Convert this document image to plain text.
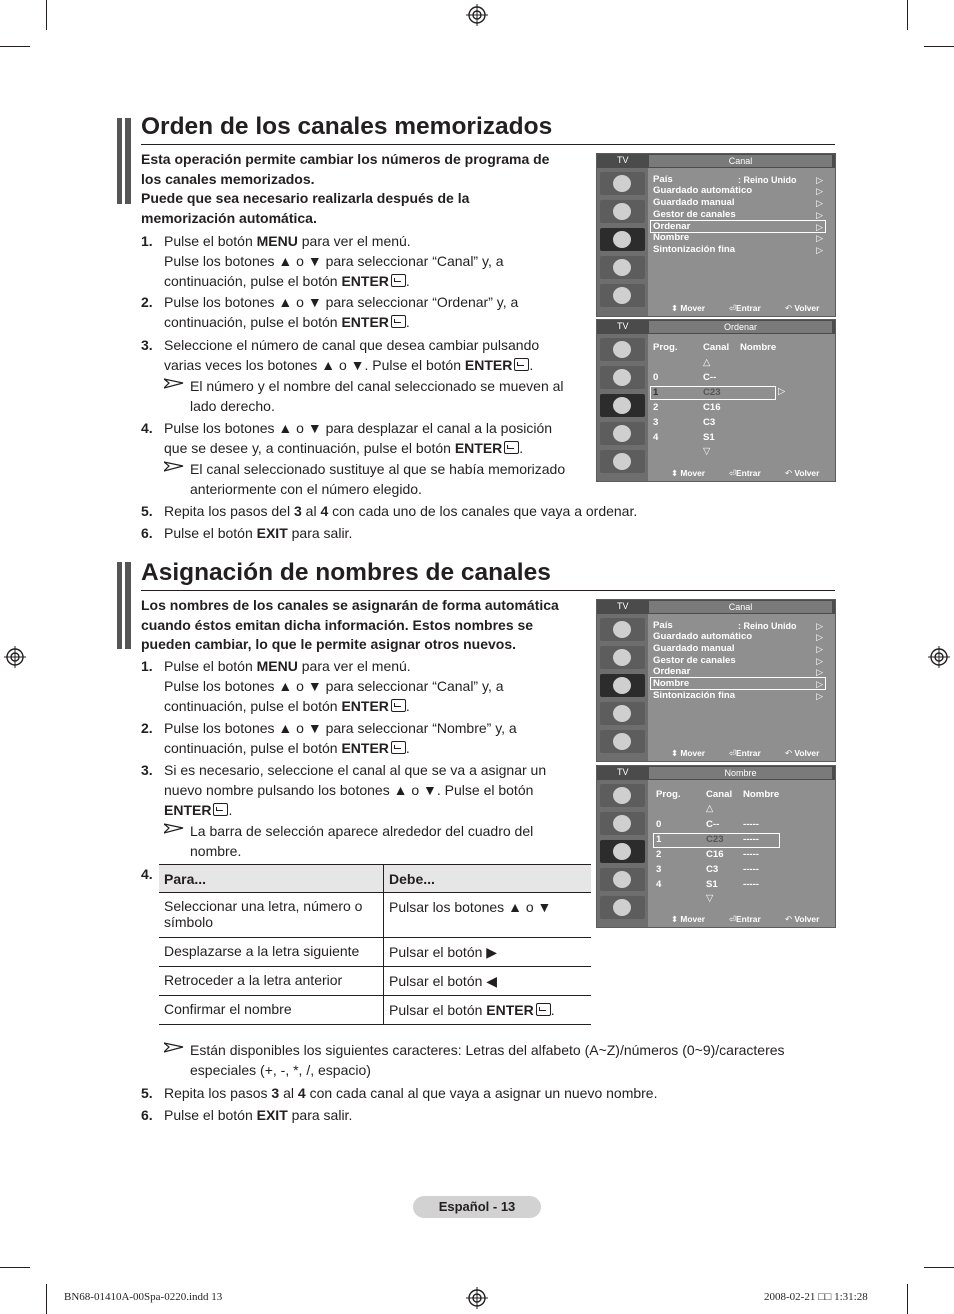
Orden de los canales memorizados
Esta operación permite cambiar los números de programa de
los canales memorizados.
Puede que sea necesario realizarla después de la
memorización automática.
1. Pulse el botón MENU para ver el menú.
Pulse los botones ▲ o ▼ para seleccionar “Canal” y, a
continuación, pulse el botón ENTER .
2. Pulse los botones ▲ o ▼ para seleccionar “Ordenar” y, a
continuación, pulse el botón ENTER .
3. Seleccione el número de canal que desea cambiar pulsando
varias veces los botones ▲ o ▼. Pulse el botón ENTER .
El número y el nombre del canal seleccionado se mueven al
lado derecho.
4. Pulse los botones ▲ o ▼ para desplazar el canal a la posición
que se desee y, a continuación, pulse el botón ENTER .
El canal seleccionado sustituye al que se había memorizado
anteriormente con el número elegido.
5. Repita los pasos del 3 al 4 con cada uno de los canales que vaya a ordenar.
6. Pulse el botón EXIT para salir.
TV	Canal
País	: Reino Unido
Guardado automático
Guardado manual
Gestor de canales
Ordenar
Nombre
Sintonización fina
▷
▷
▷
▷
▷
▷
▷
⬍ Mover	⏎Entrar	↶ Volver
TV	Ordenar
Prog.	Canal Nombre
△
0	C--
1	C23	▷
2	C16
3	C3
4	S1
▽
⬍ Mover	⏎Entrar	↶ Volver
Asignación de nombres de canales
Los nombres de los canales se asignarán de forma automática
cuando éstos emitan dicha información. Estos nombres se
pueden cambiar, lo que le permite asignar otros nuevos.
1. Pulse el botón MENU para ver el menú.
Pulse los botones ▲ o ▼ para seleccionar “Canal” y, a
continuación, pulse el botón ENTER .
2. Pulse los botones ▲ o ▼ para seleccionar “Nombre” y, a
continuación, pulse el botón ENTER .
3. Si es necesario, seleccione el canal al que se va a asignar un
nuevo nombre pulsando los botones ▲ o ▼. Pulse el botón
ENTER .
La barra de selección aparece alrededor del cuadro del
nombre.
4. Para...	Debe...

Seleccionar una letra, número o
símbolo	Pulsar los botones ▲ o ▼
Desplazarse a la letra siguiente	Pulsar el botón ▶
Retroceder a la letra anterior	Pulsar el botón ◀
Confirmar el nombre	Pulsar el botón ENTER .
Están disponibles los siguientes caracteres: Letras del alfabeto (A~Z)/números (0~9)/caracteres
especiales (+, -, *, /, espacio)
5. Repita los pasos 3 al 4 con cada canal al que vaya a asignar un nuevo nombre.
6. Pulse el botón EXIT para salir.
TV	Canal
País	: Reino Unido
Guardado automático
Guardado manual
Gestor de canales
Ordenar
Nombre
Sintonización fina
▷
▷
▷
▷
▷
▷
▷
⬍ Mover	⏎Entrar	↶ Volver
TV	Nombre
Prog.	Canal Nombre
△
0	C-- -----
1	C23 -----
2	C16 -----
3	C3	-----
4	S1	-----
▽
⬍ Mover	⏎Entrar	↶ Volver
Español - 13
BN68-01410A-00Spa-0220.indd 13	2008-02-21 □□ 1:31:28
